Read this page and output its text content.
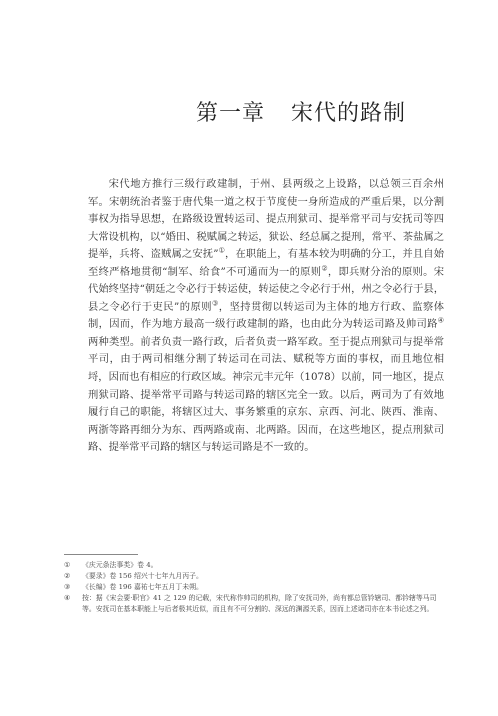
第一章 宋代的路制

宋代地方推行三级行政建制，于州、县两级之上设路，以总领三百余州军。宋朝统治者鉴于唐代集一道之权于节度使一身所造成的严重后果，以分割事权为指导思想，在路级设置转运司、提点刑狱司、提举常平司与安抚司等四大常设机构，以“婚田、税赋属之转运，狱讼、经总属之提刑，常平、茶盐属之提举，兵将、盗贼属之安抚”①，在职能上，有基本较为明确的分工，并且自始至终严格地贯彻“制军、给食”不可通而为一的原则②，即兵财分治的原则。宋代始终坚持“朝廷之令必行于转运使，转运使之令必行于州，州之令必行于县，县之令必行于吏民”的原则③，坚持贯彻以转运司为主体的地方行政、监察体制，因而，作为地方最高一级行政建制的路，也由此分为转运司路及帅司路④两种类型。前者负责一路行政，后者负责一路军政。至于提点刑狱司与提举常平司，由于两司相继分割了转运司在司法、赋税等方面的事权，而且地位相埒，因而也有相应的行政区域。神宗元丰元年（1078）以前，同一地区，提点刑狱司路、提举常平司路与转运司路的辖区完全一致。以后，两司为了有效地履行自己的职能，将辖区过大、事务繁重的京东、京西、河北、陕西、淮南、两浙等路再细分为东、西两路或南、北两路。因而，在这些地区，提点刑狱司路、提举常平司路的辖区与转运司路是不一致的。

①	《庆元条法事类》卷 4。
②	《要录》卷 156 绍兴十七年九月丙子。
③	《长编》卷 196 嘉祐七年五月丁未朔。
④	按：据《宋会要·职官》41 之 129 的记载，宋代称作帅司的机构，除了安抚司外，尚有都总管钤辖司、都钤辖等马司等。安抚司在基本职能上与后者极其近似，而且有不可分割的、深远的渊源关系，因而上述诸司亦在本书论述之列。
